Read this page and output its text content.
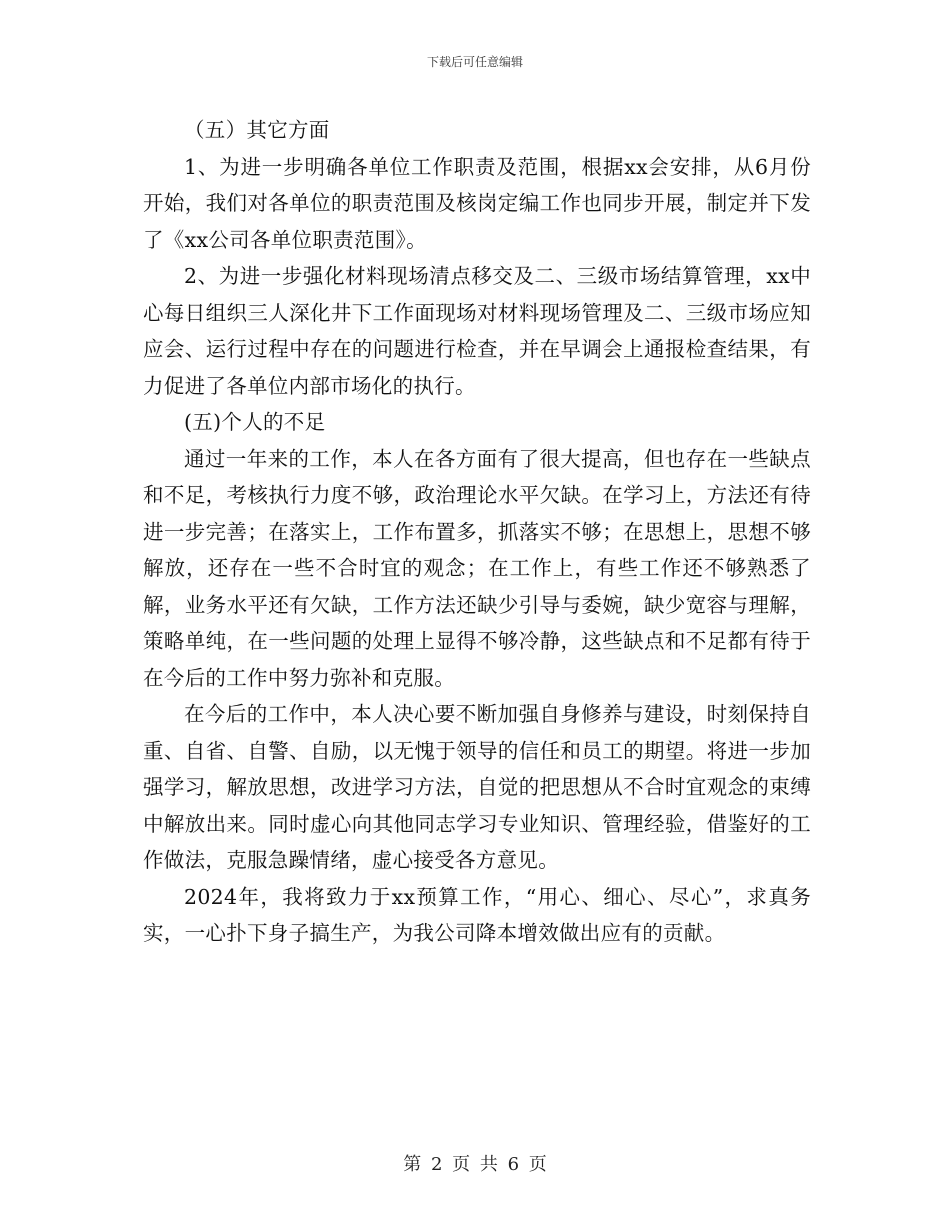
下载后可任意编辑

（五）其它方面

1、为进一步明确各单位工作职责及范围，根据xx会安排，从6月份开始，我们对各单位的职责范围及核岗定编工作也同步开展，制定并下发了《xx公司各单位职责范围》。

2、为进一步强化材料现场清点移交及二、三级市场结算管理，xx中心每日组织三人深化井下工作面现场对材料现场管理及二、三级市场应知应会、运行过程中存在的问题进行检查，并在早调会上通报检查结果，有力促进了各单位内部市场化的执行。

(五)个人的不足

通过一年来的工作，本人在各方面有了很大提高，但也存在一些缺点和不足，考核执行力度不够，政治理论水平欠缺。在学习上，方法还有待进一步完善；在落实上，工作布置多，抓落实不够；在思想上，思想不够解放，还存在一些不合时宜的观念；在工作上，有些工作还不够熟悉了解，业务水平还有欠缺，工作方法还缺少引导与委婉，缺少宽容与理解，策略单纯，在一些问题的处理上显得不够冷静，这些缺点和不足都有待于在今后的工作中努力弥补和克服。

在今后的工作中，本人决心要不断加强自身修养与建设，时刻保持自重、自省、自警、自励，以无愧于领导的信任和员工的期望。将进一步加强学习，解放思想，改进学习方法，自觉的把思想从不合时宜观念的束缚中解放出来。同时虚心向其他同志学习专业知识、管理经验，借鉴好的工作做法，克服急躁情绪，虚心接受各方意见。

2024年，我将致力于xx预算工作，“用心、细心、尽心”，求真务实，一心扑下身子搞生产，为我公司降本增效做出应有的贡献。

第 2 页 共 6 页
